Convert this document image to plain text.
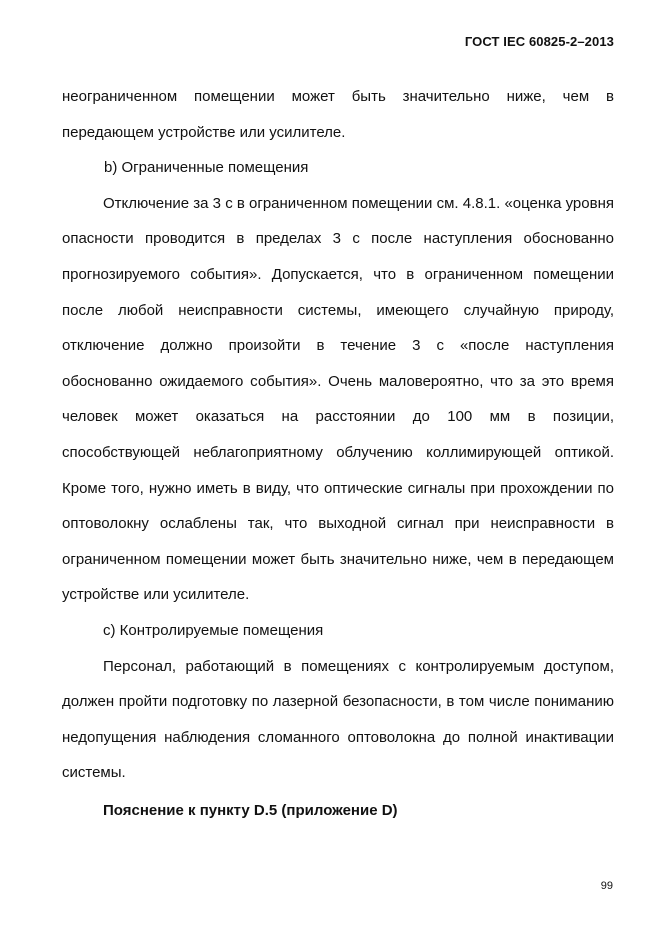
ГОСТ IEC 60825-2–2013

неограниченном помещении может быть значительно ниже, чем в передающем устройстве или усилителе.

b) Ограниченные помещения

Отключение за 3 с в ограниченном помещении см. 4.8.1. «оценка уровня опасности проводится в пределах 3 с после наступления обоснованно прогнозируемого события». Допускается, что в ограниченном помещении после любой неисправности системы, имеющего случайную природу, отключение должно произойти в течение 3 с «после наступления обоснованно ожидаемого события». Очень маловероятно, что за это время человек может оказаться на расстоянии до 100 мм в позиции, способствующей неблагоприятному облучению коллимирующей оптикой. Кроме того, нужно иметь в виду, что оптические сигналы при прохождении по оптоволокну ослаблены так, что выходной сигнал при неисправности в ограниченном помещении может быть значительно ниже, чем в передающем устройстве или усилителе.

c) Контролируемые помещения

Персонал, работающий в помещениях с контролируемым доступом, должен пройти подготовку по лазерной безопасности, в том числе пониманию недопущения наблюдения сломанного оптоволокна до полной инактивации системы.

Пояснение к пункту D.5 (приложение D)

99
